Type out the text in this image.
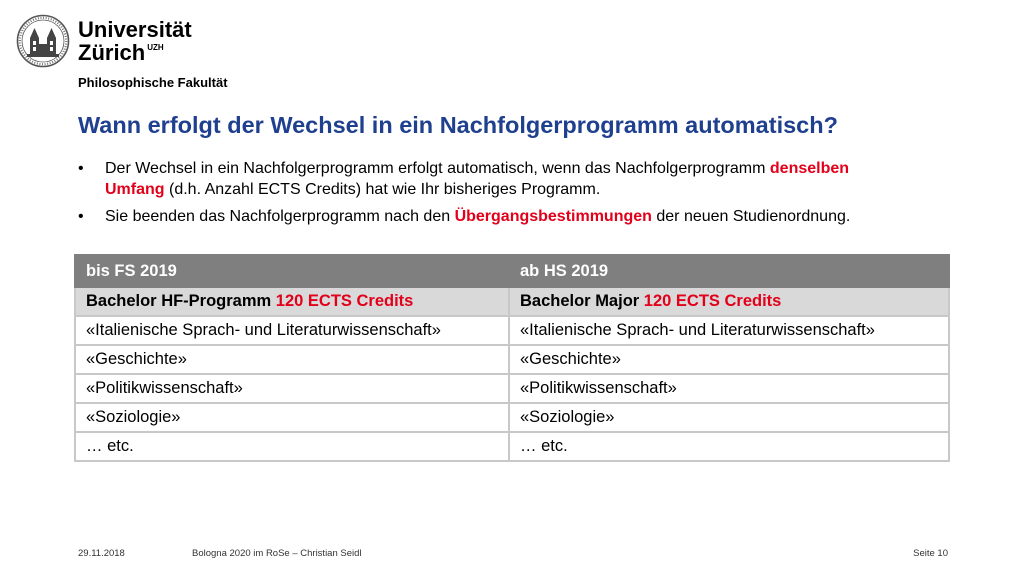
Universität
Zürich UZH
Philosophische Fakultät
Wann erfolgt der Wechsel in ein Nachfolgerprogramm automatisch?
• Der Wechsel in ein Nachfolgerprogramm erfolgt automatisch, wenn das Nachfolgerprogramm denselben Umfang (d.h. Anzahl ECTS Credits) hat wie Ihr bisheriges Programm.
• Sie beenden das Nachfolgerprogramm nach den Übergangsbestimmungen der neuen Studienordnung.
bis FS 2019	ab HS 2019
Bachelor HF-Programm 120 ECTS Credits	Bachelor Major 120 ECTS Credits
«Italienische Sprach- und Literaturwissenschaft»	«Italienische Sprach- und Literaturwissenschaft»
«Geschichte»	«Geschichte»
«Politikwissenschaft»	«Politikwissenschaft»
«Soziologie»	«Soziologie»
… etc.	… etc.
29.11.2018	Bologna 2020 im RoSe – Christian Seidl	Seite 10
